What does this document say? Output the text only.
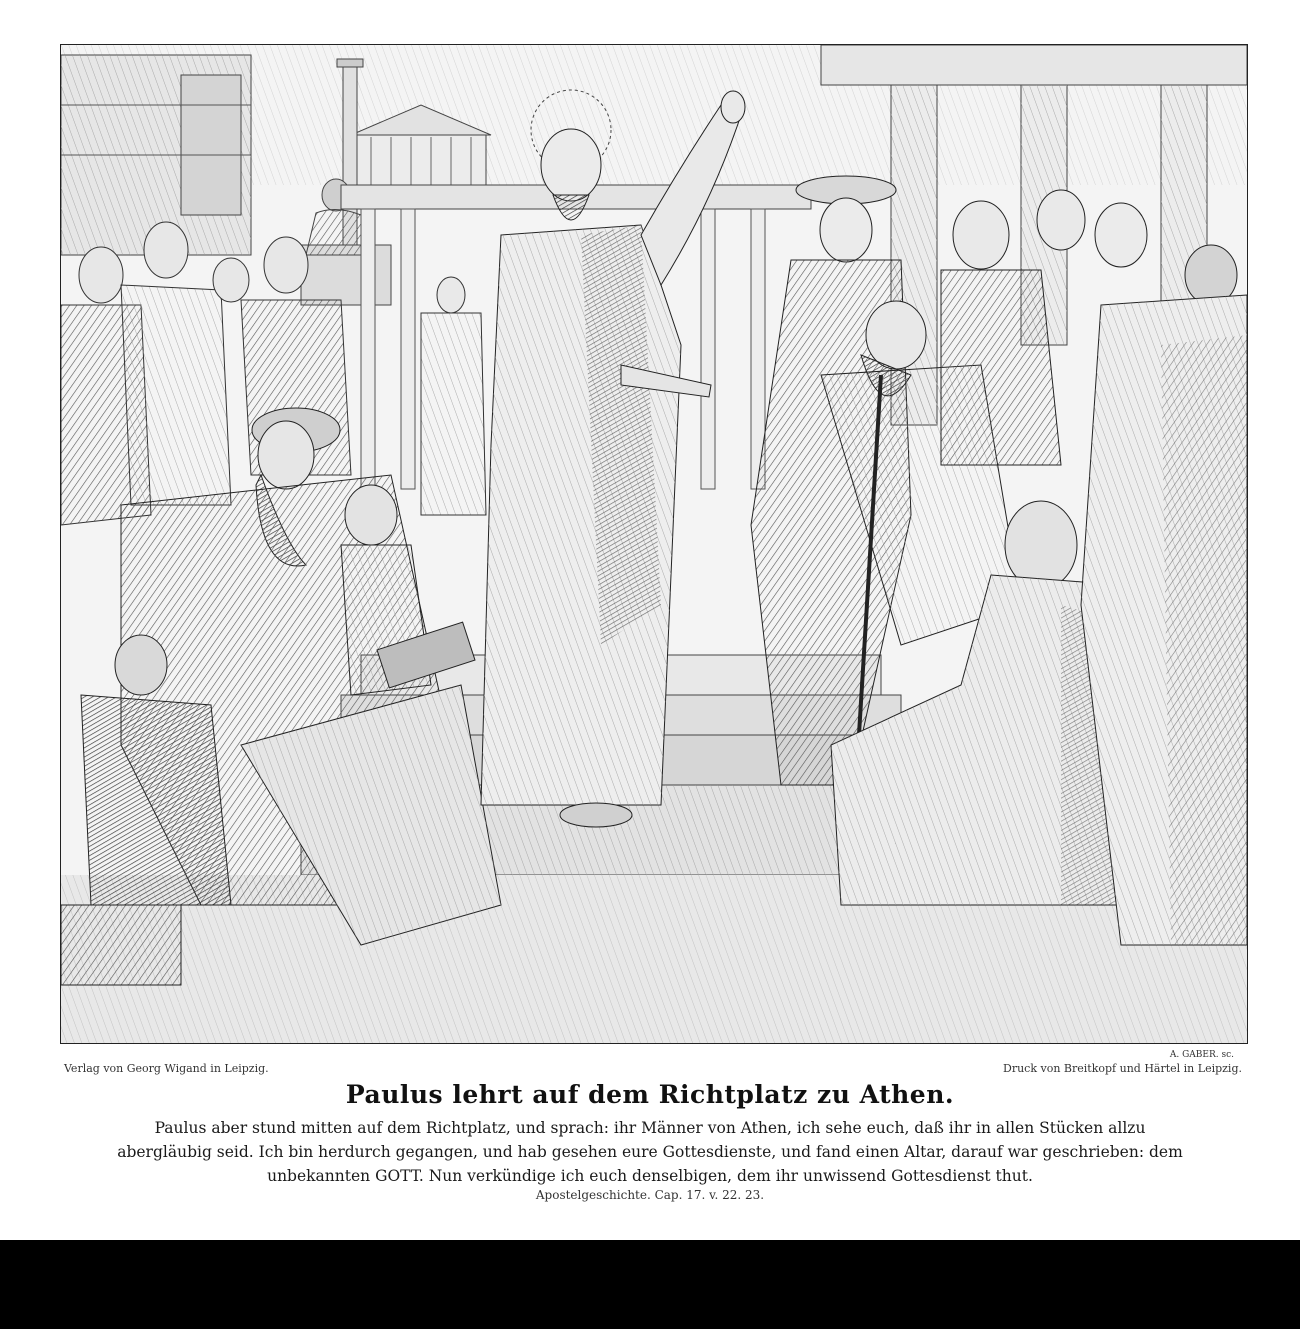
A. GABER. sc.
Verlag von Georg Wigand in Leipzig.	Druck von Breitkopf und Härtel in Leipzig.
Paulus lehrt auf dem Richtplatz zu Athen.
Paulus aber stund mitten auf dem Richtplatz, und sprach: ihr Männer von Athen, ich sehe euch, daß ihr in allen Stücken allzu abergläubig seid. Ich bin herdurch gegangen, und hab gesehen eure Gottesdienste, und fand einen Altar, darauf war geschrieben: dem unbekannten GOTT. Nun verkündige ich euch denselbigen, dem ihr unwissend Gottesdienst thut.
Apostelgeschichte. Cap. 17. v. 22. 23.
